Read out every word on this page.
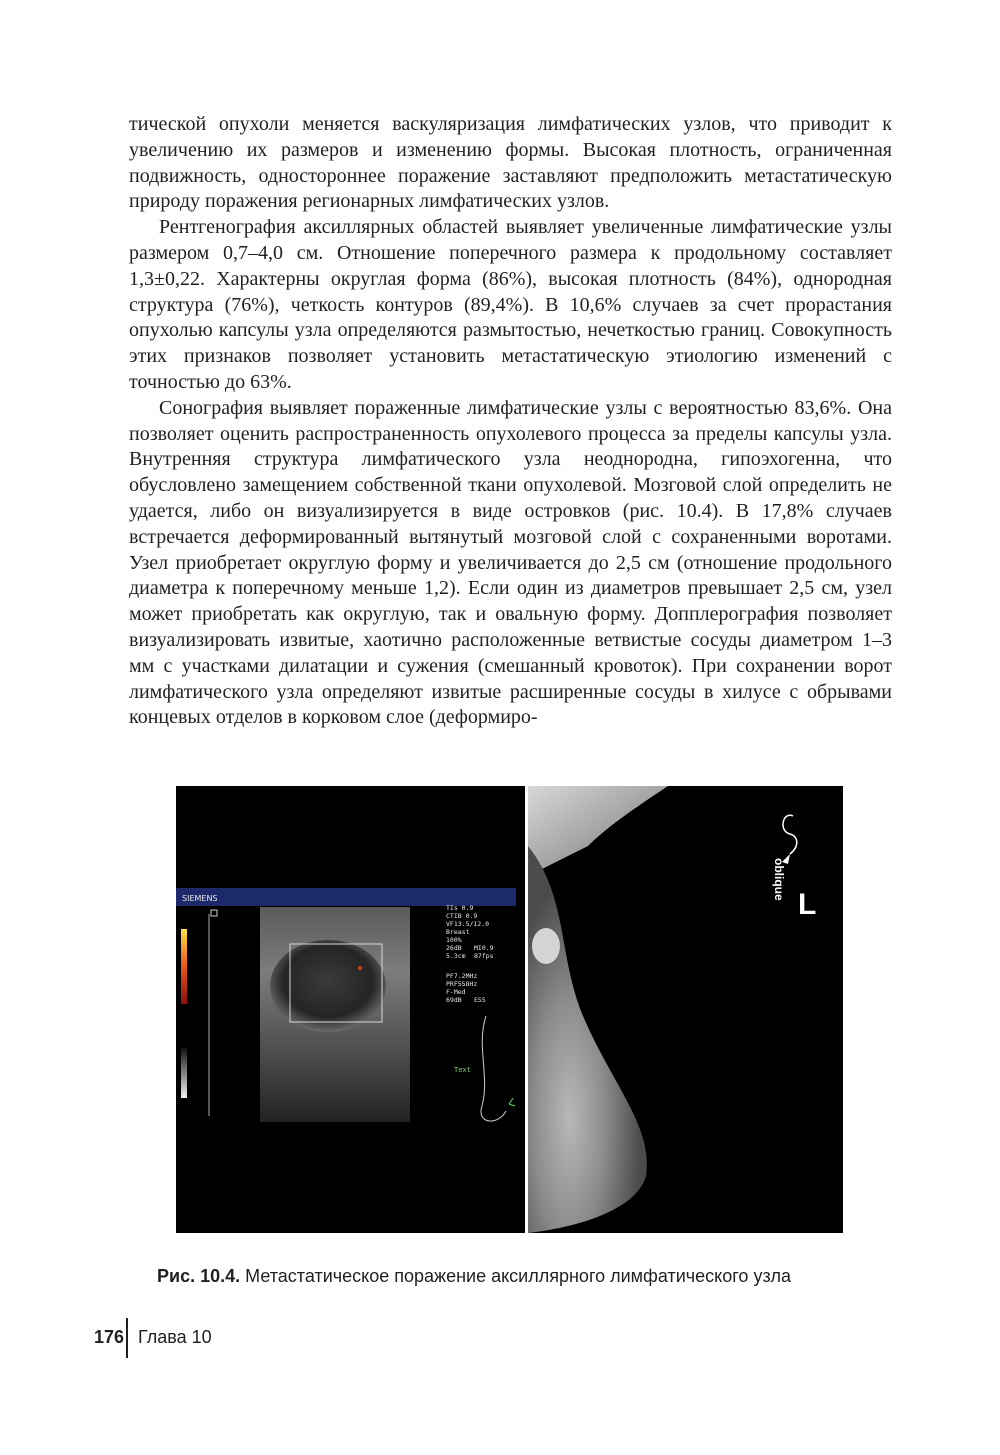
тической опухоли меняется васкуляризация лимфатических узлов, что приводит к увеличению их размеров и изменению формы. Высокая плотность, ограниченная подвижность, одностороннее поражение заставляют предположить метастатическую природу поражения регионарных лимфатических узлов.

Рентгенография аксиллярных областей выявляет увеличенные лимфатические узлы размером 0,7–4,0 см. Отношение поперечного размера к продольному составляет 1,3±0,22. Характерны округлая форма (86%), высокая плотность (84%), однородная структура (76%), четкость контуров (89,4%). В 10,6% случаев за счет прорастания опухолью капсулы узла определяются размытостью, нечеткостью границ. Совокупность этих признаков позволяет установить метастатическую этиологию изменений с точностью до 63%.

Сонография выявляет пораженные лимфатические узлы с вероятностью 83,6%. Она позволяет оценить распространенность опухолевого процесса за пределы капсулы узла. Внутренняя структура лимфатического узла неоднородна, гипоэхогенна, что обусловлено замещением собственной ткани опухолевой. Мозговой слой определить не удается, либо он визуализируется в виде островков (рис. 10.4). В 17,8% случаев встречается деформированный вытянутый мозговой слой с сохраненными воротами. Узел приобретает округлую форму и увеличивается до 2,5 см (отношение продольного диаметра к поперечному меньше 1,2). Если один из диаметров превышает 2,5 см, узел может приобретать как округлую, так и овальную форму. Допплерография позволяет визуализировать извитые, хаотично расположенные ветвистые сосуды диаметром 1–3 мм с участками дилатации и сужения (смешанный кровоток). При сохранении ворот лимфатического узла определяют извитые расширенные сосуды в хилусе с обрывами концевых отделов в корковом слое (деформиро-

SIEMENS
TIs 0.9
CTIB 0.9
VF13.5/12.0
Breast
100%
26dB MI0.9
5.3cm 87fps
PF7.2MHz
PRF558Hz
F-Med
69dB ES5
Text
oblique
L
Рис. 10.4. Метастатическое поражение аксиллярного лимфатического узла
176 Глава 10
